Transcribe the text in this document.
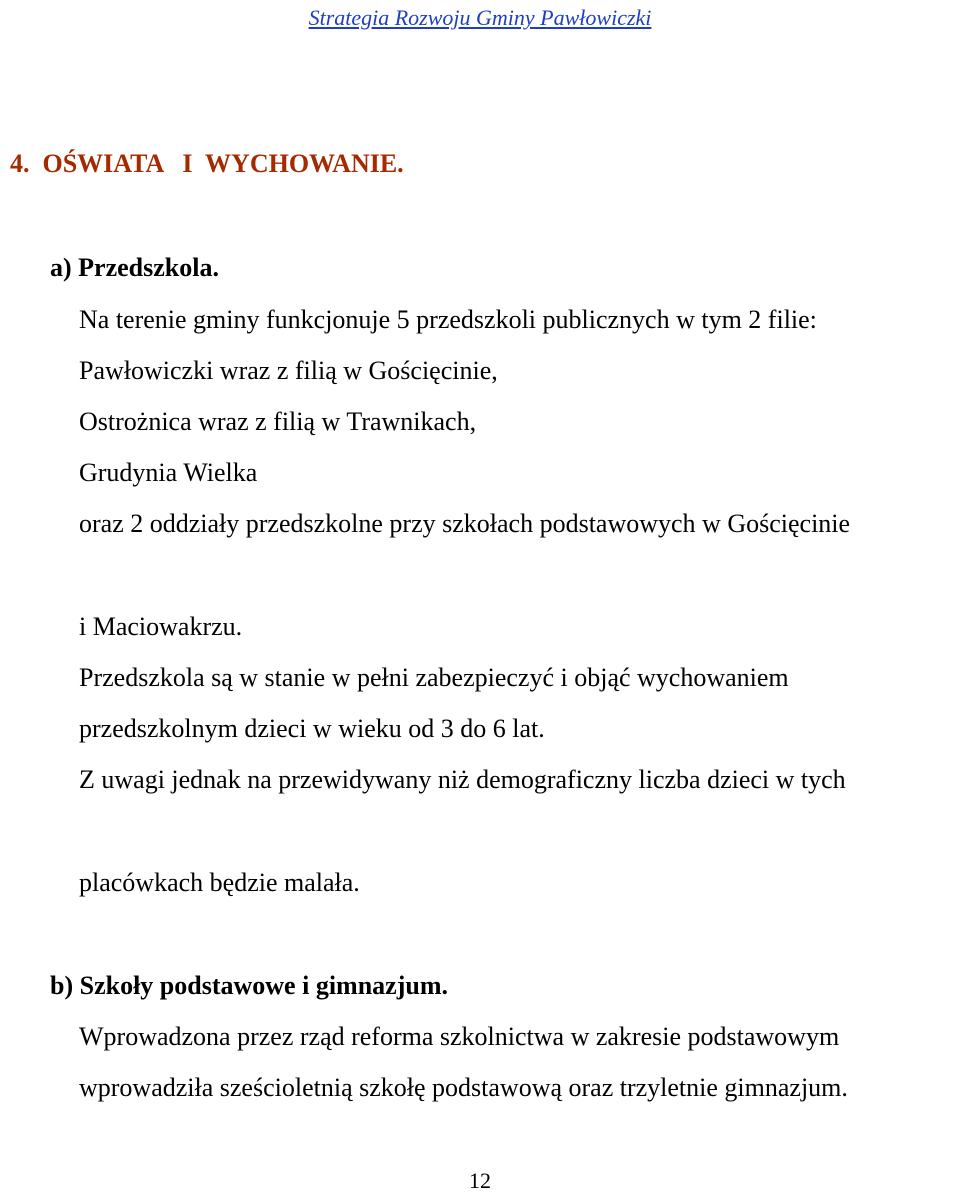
Strategia Rozwoju Gminy Pawłowiczki
4.  OŚWIATA   I  WYCHOWANIE.
a) Przedszkola.
Na terenie gminy funkcjonuje 5 przedszkoli publicznych w tym 2 filie:
Pawłowiczki wraz z filią w Gościęcinie,
Ostrożnica wraz z filią w Trawnikach,
Grudynia Wielka
oraz 2 oddziały przedszkolne przy szkołach podstawowych w Gościęcinie
i Maciowakrzu.
Przedszkola są w stanie w pełni zabezpieczyć i objąć wychowaniem
przedszkolnym dzieci w wieku od 3 do 6 lat.
Z uwagi jednak na przewidywany niż demograficzny liczba dzieci w tych
placówkach będzie malała.
b) Szkoły podstawowe i gimnazjum.
Wprowadzona przez rząd reforma szkolnictwa w zakresie podstawowym
wprowadziła sześcioletnią szkołę podstawową oraz trzyletnie gimnazjum.
12
